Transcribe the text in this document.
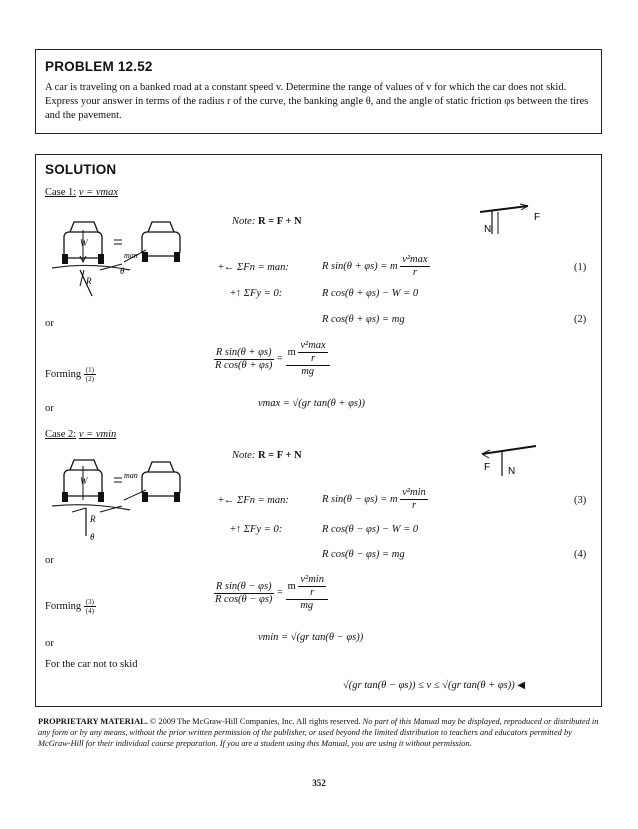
PROBLEM 12.52
A car is traveling on a banked road at a constant speed v. Determine the range of values of v for which the car does not skid. Express your answer in terms of the radius r of the curve, the banking angle θ, and the angle of static friction φs between the tires and the pavement.
SOLUTION
Case 1: v = vmax
W
R
θ
man
N
F
Note: R = F + N
+← ΣFn = man:	R sin(θ + φs) = m $\frac{\text{v²max}}{r}$	(1)
+↑ ΣFy = 0:	R cos(θ + φs) − W = 0
or	R cos(θ + φs) = mg	(2)
Forming $\frac{(1)}{(2)}$
$\frac{\text{R sin(θ + φs)}}{\text{R cos(θ + φs)}} = \frac{m \frac{\text{v²max}}{r}}{mg}$
or	vmax = √(gr tan(θ + φs))
Case 2: v = vmin
Note: R = F + N
W
R
θ
man
F N
+← ΣFn = man:	R sin(θ − φs) = m $\frac{\text{v²min}}{r}$	(3)
+↑ ΣFy = 0:	R cos(θ − φs) − W = 0
or
R cos(θ − φs) = mg	(4)
Forming $\frac{(3)}{(4)}$
$\frac{\text{R sin(θ − φs)}}{\text{R cos(θ − φs)}} = \frac{m \frac{\text{v²min}}{r}}{mg}$
or
vmin = √(gr tan(θ − φs))
For the car not to skid
√(gr tan(θ − φs)) ≤ v ≤ √(gr tan(θ + φs)) ◀
PROPRIETARY MATERIAL. © 2009 The McGraw-Hill Companies, Inc. All rights reserved. No part of this Manual may be displayed, reproduced or distributed in any form or by any means, without the prior written permission of the publisher, or used beyond the limited distribution to teachers and educators permitted by McGraw-Hill for their individual course preparation. If you are a student using this Manual, you are using it without permission.
352
